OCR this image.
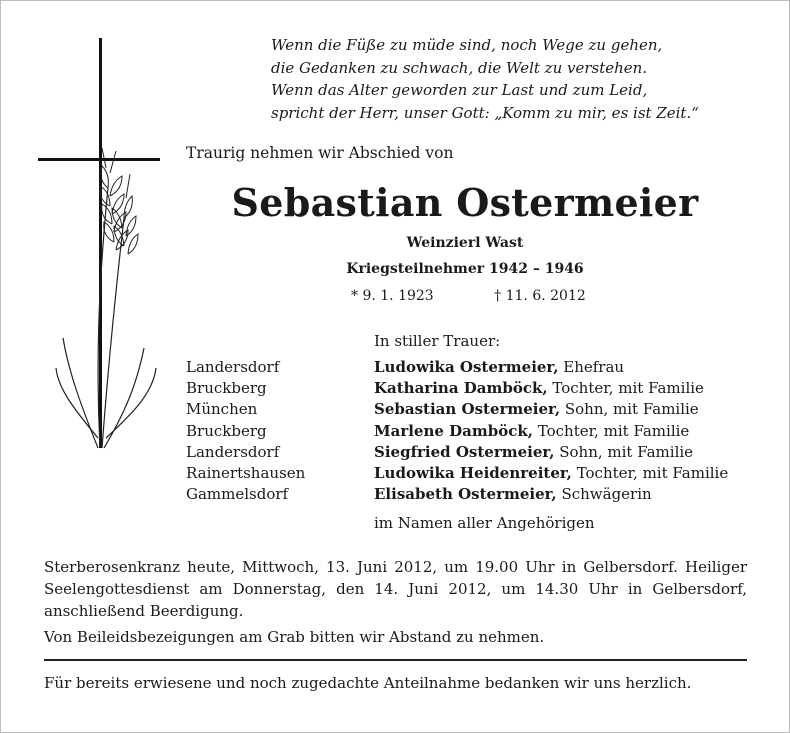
Wenn die Füße zu müde sind, noch Wege zu gehen,
die Gedanken zu schwach, die Welt zu verstehen.
Wenn das Alter geworden zur Last und zum Leid,
spricht der Herr, unser Gott: „Komm zu mir, es ist Zeit.“
Traurig nehmen wir Abschied von
Sebastian Ostermeier
Weinzierl Wast
Kriegsteilnehmer 1942 – 1946
* 9. 1. 1923	† 11. 6. 2012
In stiller Trauer:
Landersdorf	Ludowika Ostermeier, Ehefrau
Bruckberg	Katharina Damböck, Tochter, mit Familie
München	Sebastian Ostermeier, Sohn, mit Familie
Bruckberg	Marlene Damböck, Tochter, mit Familie
Landersdorf	Siegfried Ostermeier, Sohn, mit Familie
Rainertshausen	Ludowika Heidenreiter, Tochter, mit Familie
Gammelsdorf	Elisabeth Ostermeier, Schwägerin
im Namen aller Angehörigen
Sterberosenkranz heute, Mittwoch, 13. Juni 2012, um 19.00 Uhr in Gelbersdorf. Heiliger Seelengottesdienst am Donnerstag, den 14. Juni 2012, um 14.30 Uhr in Gelbersdorf, anschließend Beerdigung.
Von Beileidsbezeigungen am Grab bitten wir Abstand zu nehmen.
Für bereits erwiesene und noch zugedachte Anteilnahme bedanken wir uns herzlich.
